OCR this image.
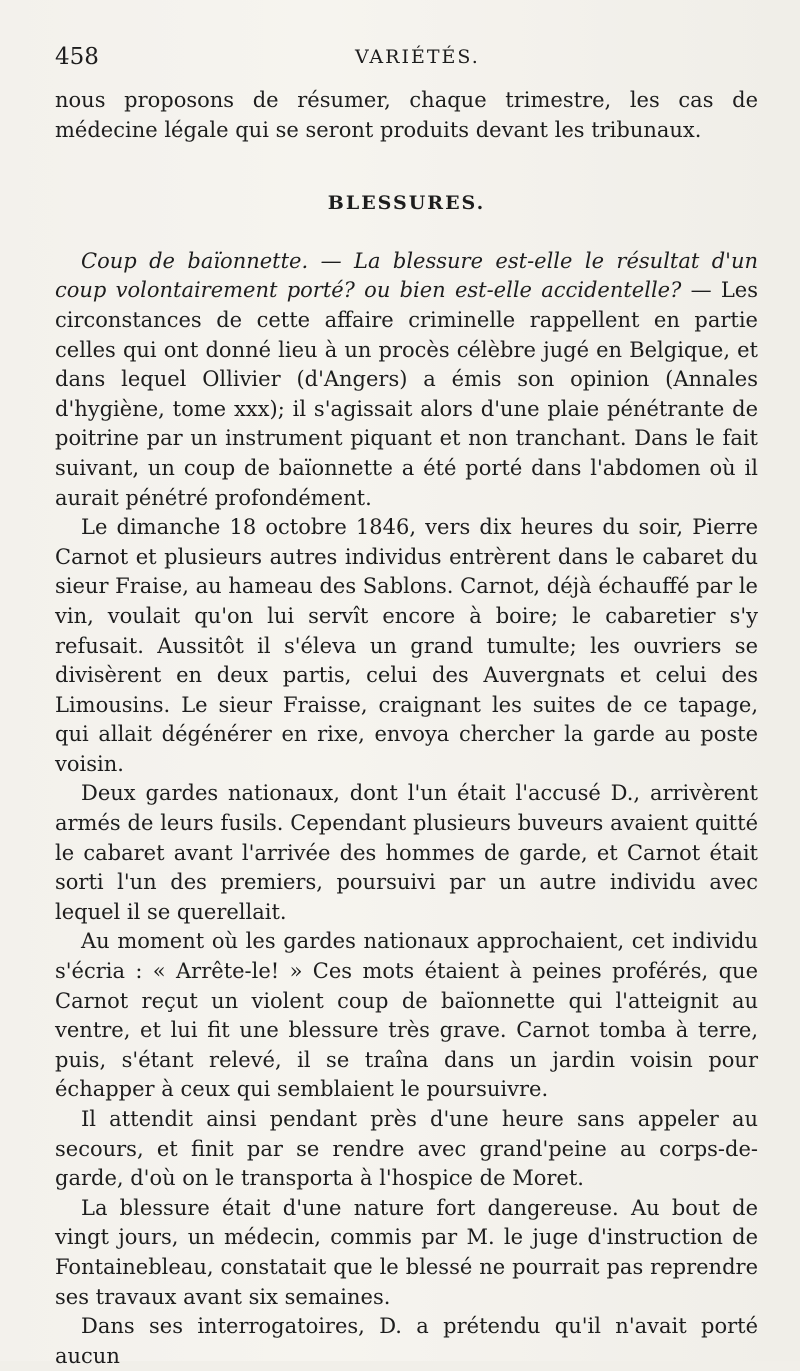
458	VARIÉTÉS.

nous proposons de résumer, chaque trimestre, les cas de médecine légale qui se seront produits devant les tribunaux.

BLESSURES.

Coup de baïonnette. — La blessure est-elle le résultat d'un coup volontairement porté? ou bien est-elle accidentelle? — Les circonstances de cette affaire criminelle rappellent en partie celles qui ont donné lieu à un procès célèbre jugé en Belgique, et dans lequel Ollivier (d'Angers) a émis son opinion (Annales d'hygiène, tome xxx); il s'agissait alors d'une plaie pénétrante de poitrine par un instrument piquant et non tranchant. Dans le fait suivant, un coup de baïonnette a été porté dans l'abdomen où il aurait pénétré profondément.

Le dimanche 18 octobre 1846, vers dix heures du soir, Pierre Carnot et plusieurs autres individus entrèrent dans le cabaret du sieur Fraise, au hameau des Sablons. Carnot, déjà échauffé par le vin, voulait qu'on lui servît encore à boire; le cabaretier s'y refusait. Aussitôt il s'éleva un grand tumulte; les ouvriers se divisèrent en deux partis, celui des Auvergnats et celui des Limousins. Le sieur Fraisse, craignant les suites de ce tapage, qui allait dégénérer en rixe, envoya chercher la garde au poste voisin.

Deux gardes nationaux, dont l'un était l'accusé D., arrivèrent armés de leurs fusils. Cependant plusieurs buveurs avaient quitté le cabaret avant l'arrivée des hommes de garde, et Carnot était sorti l'un des premiers, poursuivi par un autre individu avec lequel il se querellait.

Au moment où les gardes nationaux approchaient, cet individu s'écria : « Arrête-le! » Ces mots étaient à peines proférés, que Carnot reçut un violent coup de baïonnette qui l'atteignit au ventre, et lui fit une blessure très grave. Carnot tomba à terre, puis, s'étant relevé, il se traîna dans un jardin voisin pour échapper à ceux qui semblaient le poursuivre.

Il attendit ainsi pendant près d'une heure sans appeler au secours, et finit par se rendre avec grand'peine au corps-de-garde, d'où on le transporta à l'hospice de Moret.

La blessure était d'une nature fort dangereuse. Au bout de vingt jours, un médecin, commis par M. le juge d'instruction de Fontainebleau, constatait que le blessé ne pourrait pas reprendre ses travaux avant six semaines.

Dans ses interrogatoires, D. a prétendu qu'il n'avait porté aucun
